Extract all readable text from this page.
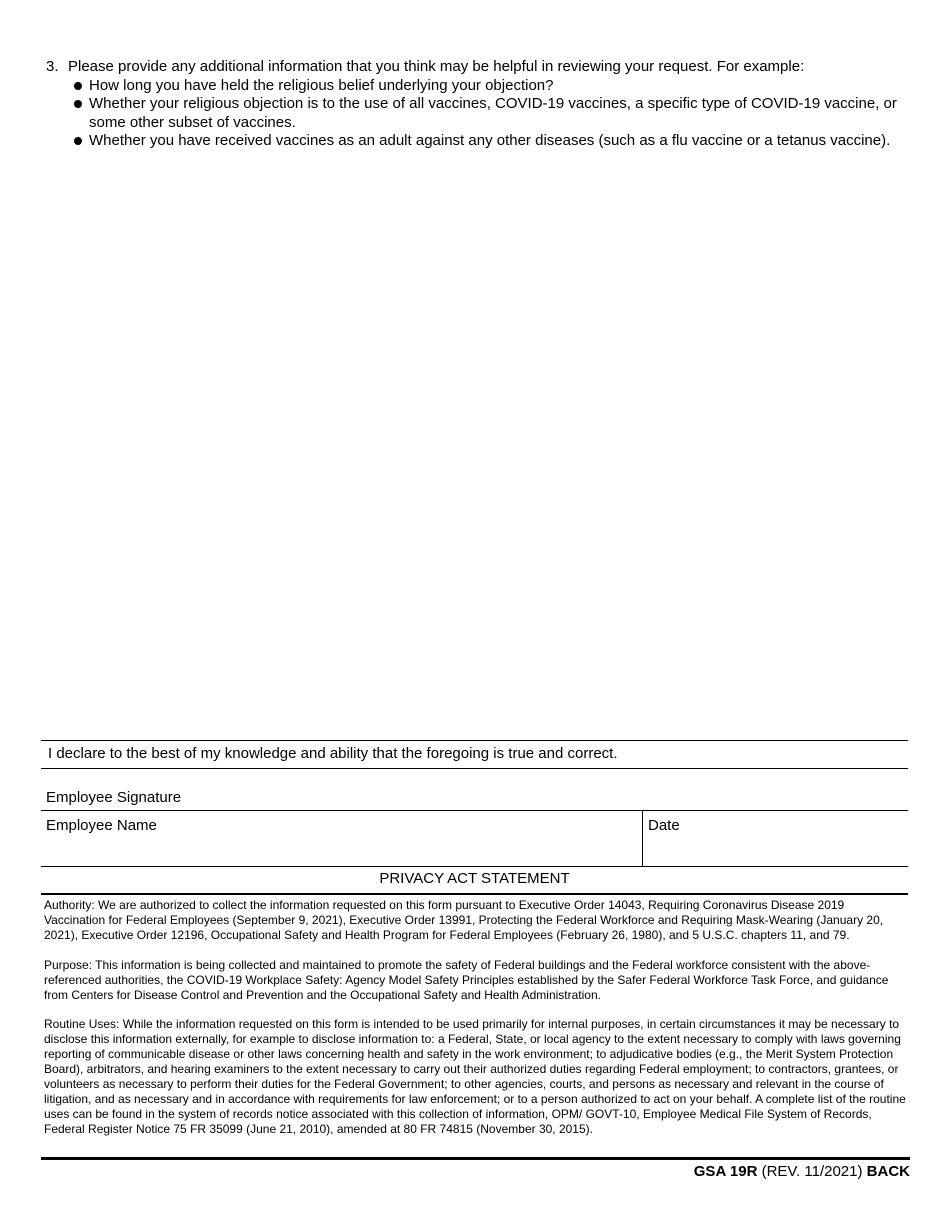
3. Please provide any additional information that you think may be helpful in reviewing your request. For example:
How long you have held the religious belief underlying your objection?
Whether your religious objection is to the use of all vaccines, COVID-19 vaccines, a specific type of COVID-19 vaccine, or some other subset of vaccines.
Whether you have received vaccines as an adult against any other diseases (such as a flu vaccine or a tetanus vaccine).
I declare to the best of my knowledge and ability that the foregoing is true and correct.
Employee Signature
Employee Name	Date
PRIVACY ACT STATEMENT

Authority: We are authorized to collect the information requested on this form pursuant to Executive Order 14043, Requiring Coronavirus Disease 2019 Vaccination for Federal Employees (September 9, 2021), Executive Order 13991, Protecting the Federal Workforce and Requiring Mask-Wearing (January 20, 2021), Executive Order 12196, Occupational Safety and Health Program for Federal Employees (February 26, 1980), and 5 U.S.C. chapters 11, and 79.

Purpose: This information is being collected and maintained to promote the safety of Federal buildings and the Federal workforce consistent with the above-referenced authorities, the COVID-19 Workplace Safety: Agency Model Safety Principles established by the Safer Federal Workforce Task Force, and guidance from Centers for Disease Control and Prevention and the Occupational Safety and Health Administration.

Routine Uses: While the information requested on this form is intended to be used primarily for internal purposes, in certain circumstances it may be necessary to disclose this information externally, for example to disclose information to: a Federal, State, or local agency to the extent necessary to comply with laws governing reporting of communicable disease or other laws concerning health and safety in the work environment; to adjudicative bodies (e.g., the Merit System Protection Board), arbitrators, and hearing examiners to the extent necessary to carry out their authorized duties regarding Federal employment; to contractors, grantees, or volunteers as necessary to perform their duties for the Federal Government; to other agencies, courts, and persons as necessary and relevant in the course of litigation, and as necessary and in accordance with requirements for law enforcement; or to a person authorized to act on your behalf. A complete list of the routine uses can be found in the system of records notice associated with this collection of information, OPM/ GOVT-10, Employee Medical File System of Records, Federal Register Notice 75 FR 35099 (June 21, 2010), amended at 80 FR 74815 (November 30, 2015).

GSA 19R (REV. 11/2021) BACK
